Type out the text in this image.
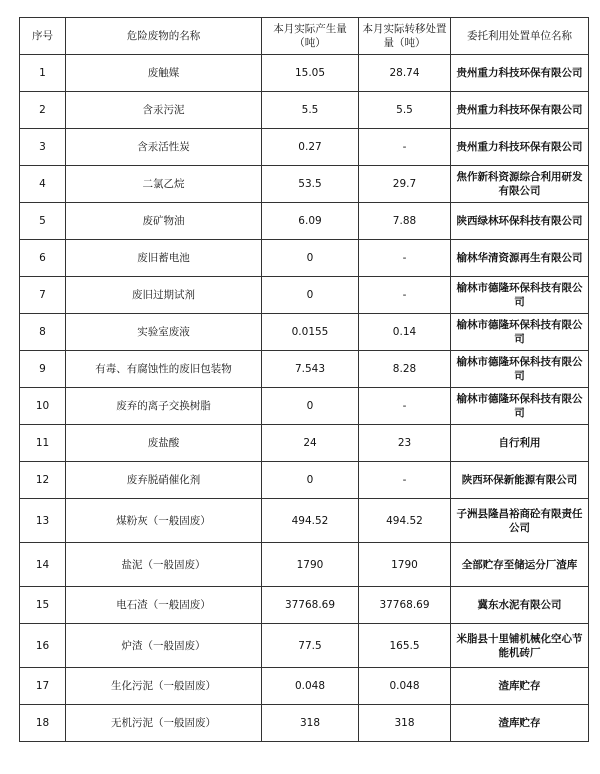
序号	危险废物的名称	本月实际产生量（吨）	本月实际转移处置量（吨）	委托利用处置单位名称
1	废触媒	15.05	28.74	贵州重力科技环保有限公司
2	含汞污泥	5.5	5.5	贵州重力科技环保有限公司
3	含汞活性炭	0.27	-	贵州重力科技环保有限公司
4	二氯乙烷	53.5	29.7	焦作新科资源综合利用研发有限公司
5	废矿物油	6.09	7.88	陕西绿林环保科技有限公司
6	废旧蓄电池	0	-	榆林华清资源再生有限公司
7	废旧过期试剂	0	-	榆林市德隆环保科技有限公司
8	实验室废液	0.0155	0.14	榆林市德隆环保科技有限公司
9	有毒、有腐蚀性的废旧包装物	7.543	8.28	榆林市德隆环保科技有限公司
10	废弃的离子交换树脂	0	-	榆林市德隆环保科技有限公司
11	废盐酸	24	23	自行利用
12	废弃脱硝催化剂	0	-	陕西环保新能源有限公司
13	煤粉灰（一般固废）	494.52	494.52	子洲县隆昌裕商砼有限责任公司
14	盐泥（一般固废）	1790	1790	全部贮存至储运分厂渣库
15	电石渣（一般固废）	37768.69	37768.69	冀东水泥有限公司
16	炉渣（一般固废）	77.5	165.5	米脂县十里铺机械化空心节能机砖厂
17	生化污泥（一般固废）	0.048	0.048	渣库贮存
18	无机污泥（一般固废）	318	318	渣库贮存
